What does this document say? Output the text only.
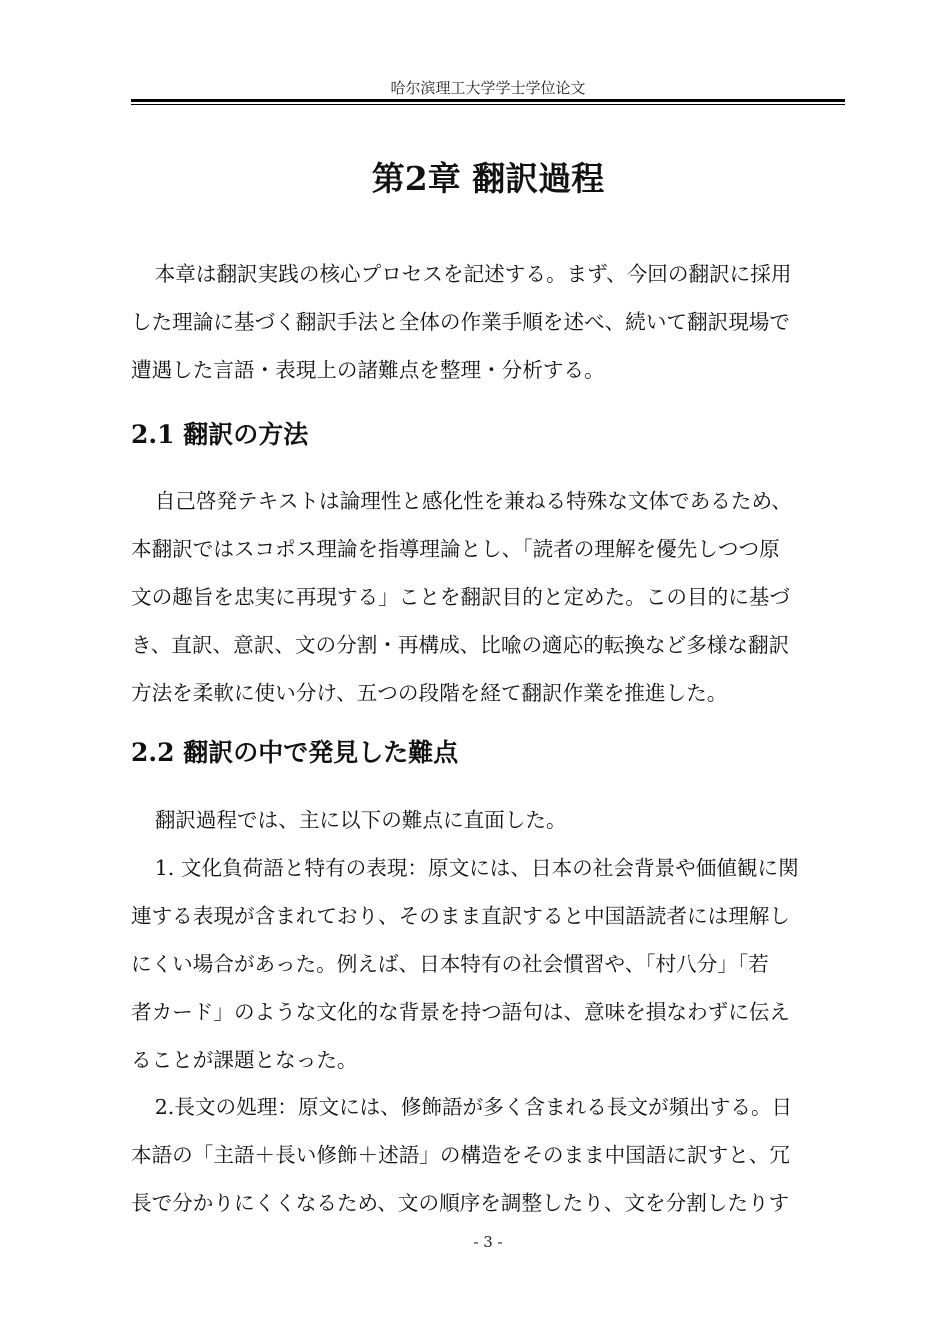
哈尔滨理工大学学士学位论文
第2章 翻訳過程

本章は翻訳実践の核心プロセスを記述する。まず、今回の翻訳に採用
した理論に基づく翻訳手法と全体の作業手順を述べ、続いて翻訳現場で
遭遇した言語・表現上の諸難点を整理・分析する。

2.1 翻訳の方法

自己啓発テキストは論理性と感化性を兼ねる特殊な文体であるため、
本翻訳ではスコポス理論を指導理論とし、「読者の理解を優先しつつ原
文の趣旨を忠実に再現する」ことを翻訳目的と定めた。この目的に基づ
き、直訳、意訳、文の分割・再構成、比喩の適応的転換など多様な翻訳
方法を柔軟に使い分け、五つの段階を経て翻訳作業を推進した。

2.2 翻訳の中で発見した難点

翻訳過程では、主に以下の難点に直面した。

1. 文化負荷語と特有の表現：原文には、日本の社会背景や価値観に関
連する表現が含まれており、そのまま直訳すると中国語読者には理解し
にくい場合があった。例えば、日本特有の社会慣習や、「村八分」「若
者カード」のような文化的な背景を持つ語句は、意味を損なわずに伝え
ることが課題となった。

2.長文の処理：原文には、修飾語が多く含まれる長文が頻出する。日
本語の「主語＋長い修飾＋述語」の構造をそのまま中国語に訳すと、冗
長で分かりにくくなるため、文の順序を調整したり、文を分割したりす

- 3 -
